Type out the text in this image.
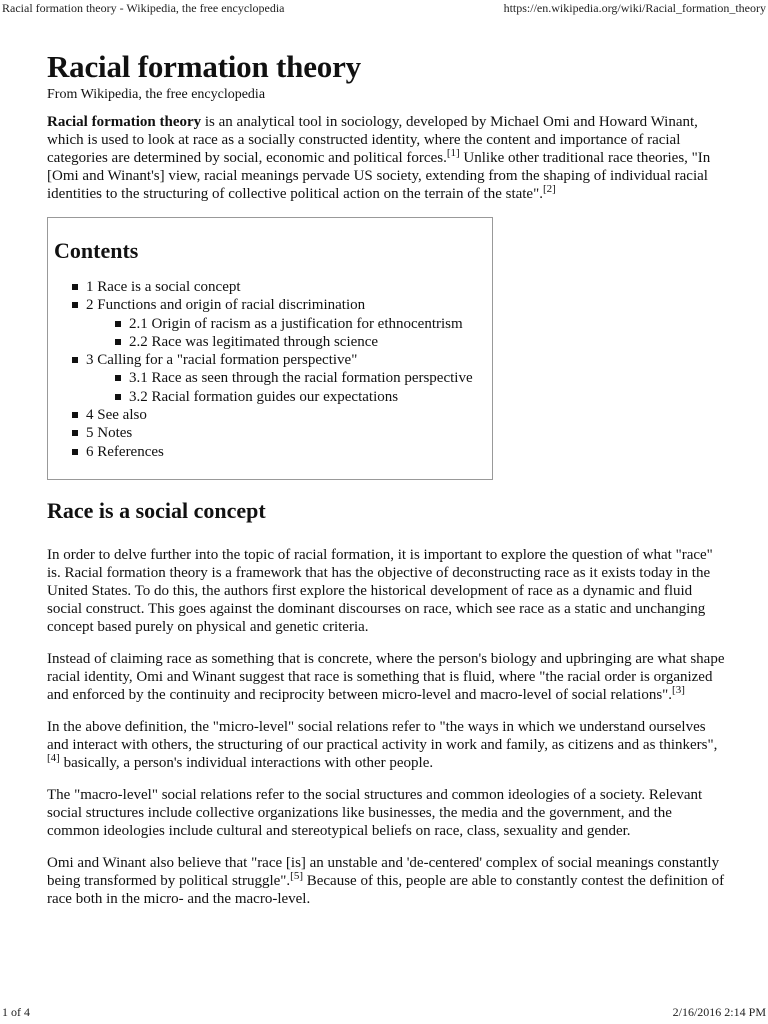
Racial formation theory - Wikipedia, the free encyclopedia	https://en.wikipedia.org/wiki/Racial_formation_theory
Racial formation theory
From Wikipedia, the free encyclopedia

Racial formation theory is an analytical tool in sociology, developed by Michael Omi and Howard Winant, which is used to look at race as a socially constructed identity, where the content and importance of racial categories are determined by social, economic and political forces.[1] Unlike other traditional race theories, "In [Omi and Winant's] view, racial meanings pervade US society, extending from the shaping of individual racial identities to the structuring of collective political action on the terrain of the state".[2]

Contents
1 Race is a social concept
2 Functions and origin of racial discrimination
2.1 Origin of racism as a justification for ethnocentrism
2.2 Race was legitimated through science
3 Calling for a "racial formation perspective"
3.1 Race as seen through the racial formation perspective
3.2 Racial formation guides our expectations
4 See also
5 Notes
6 References
Race is a social concept

In order to delve further into the topic of racial formation, it is important to explore the question of what "race" is. Racial formation theory is a framework that has the objective of deconstructing race as it exists today in the United States. To do this, the authors first explore the historical development of race as a dynamic and fluid social construct. This goes against the dominant discourses on race, which see race as a static and unchanging concept based purely on physical and genetic criteria.

Instead of claiming race as something that is concrete, where the person's biology and upbringing are what shape racial identity, Omi and Winant suggest that race is something that is fluid, where "the racial order is organized and enforced by the continuity and reciprocity between micro-level and macro-level of social relations".[3]

In the above definition, the "micro-level" social relations refer to "the ways in which we understand ourselves and interact with others, the structuring of our practical activity in work and family, as citizens and as thinkers",[4] basically, a person's individual interactions with other people.

The "macro-level" social relations refer to the social structures and common ideologies of a society. Relevant social structures include collective organizations like businesses, the media and the government, and the common ideologies include cultural and stereotypical beliefs on race, class, sexuality and gender.

Omi and Winant also believe that "race [is] an unstable and 'de-centered' complex of social meanings constantly being transformed by political struggle".[5] Because of this, people are able to constantly contest the definition of race both in the micro- and the macro-level.

1 of 4	2/16/2016 2:14 PM
